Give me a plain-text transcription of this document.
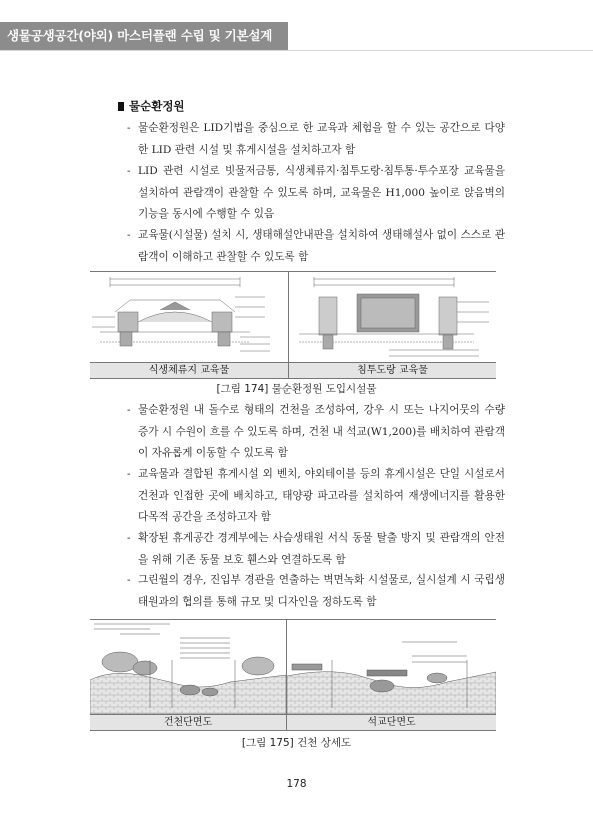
생물공생공간(야외) 마스터플랜 수립 및 기본설계
물순환정원
- 물순환정원은 LID기법을 중심으로 한 교육과 체험을 할 수 있는 공간으로 다양한 LID 관련 시설 및 휴게시설을 설치하고자 함
- LID 관련 시설로 빗물저금통, 식생체류지·침투도랑·침투통·투수포장 교육물을 설치하여 관람객이 관찰할 수 있도록 하며, 교육물은 H1,000 높이로 앉음벽의 기능을 동시에 수행할 수 있음
- 교육물(시설물) 설치 시, 생태해설안내판을 설치하여 생태해설사 없이 스스로 관람객이 이해하고 관찰할 수 있도록 함
식생체류지 교육물	침투도랑 교육물
[그림 174] 물순환정원 도입시설물
- 물순환정원 내 돌수로 형태의 건천을 조성하여, 강우 시 또는 나지어뭇의 수량 증가 시 수원이 흐를 수 있도록 하며, 건천 내 석교(W1,200)를 배치하여 관람객이 자유롭게 이동할 수 있도록 함
- 교육물과 결합된 휴게시설 외 벤치, 야외테이블 등의 휴게시설은 단일 시설로서 건천과 인접한 곳에 배치하고, 태양광 파고라를 설치하여 재생에너지를 활용한 다목적 공간을 조성하고자 함
- 확장된 휴게공간 경계부에는 사슴생태원 서식 동물 탈출 방지 및 관람객의 안전을 위해 기존 동물 보호 휀스와 연결하도록 함
- 그린월의 경우, 진입부 경관을 연출하는 벽면녹화 시설물로, 실시설계 시 국립생태원과의 협의를 통해 규모 및 디자인을 정하도록 함
건천단면도	석교단면도
[그림 175] 건천 상세도
178
